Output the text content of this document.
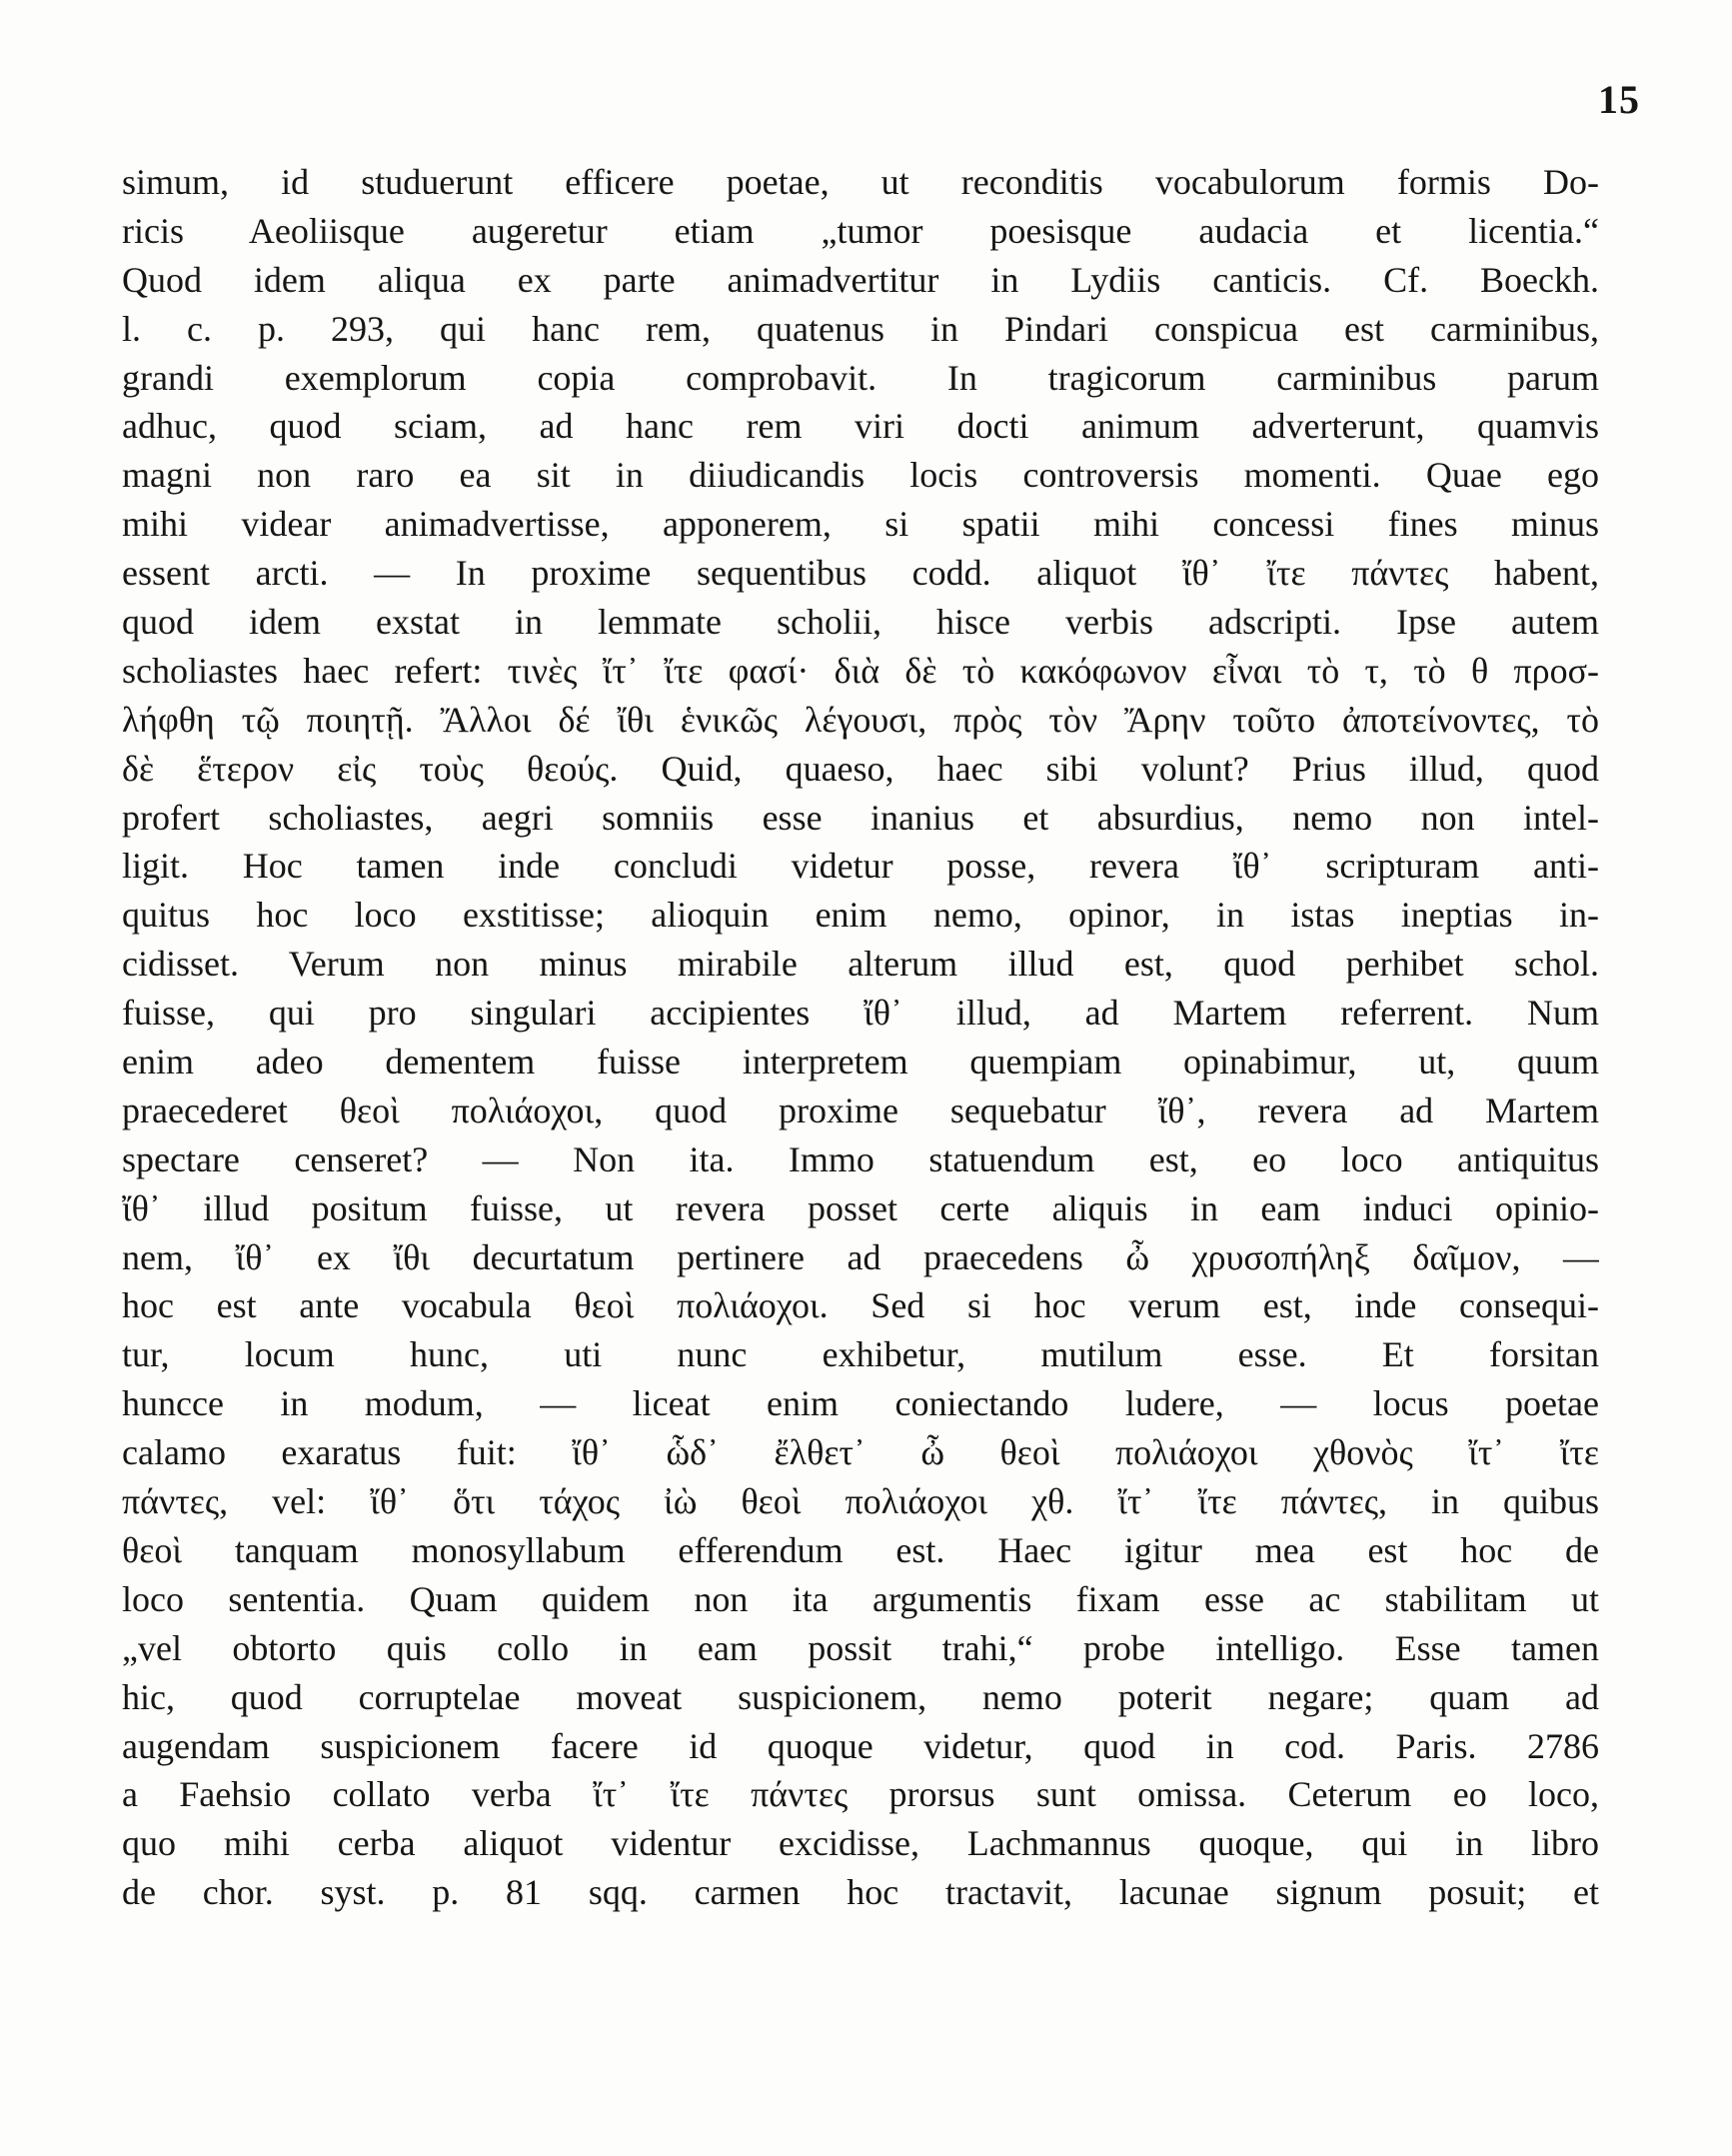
15
simum, id studuerunt efficere poetae, ut reconditis vocabulorum formis Do-
ricis Aeoliisque augeretur etiam „tumor poesisque audacia et licentia.“
Quod idem aliqua ex parte animadvertitur in Lydiis canticis. Cf. Boeckh.
l. c. p. 293, qui hanc rem, quatenus in Pindari conspicua est carminibus,
grandi exemplorum copia comprobavit. In tragicorum carminibus parum
adhuc, quod sciam, ad hanc rem viri docti animum adverterunt, quamvis
magni non raro ea sit in diiudicandis locis controversis momenti. Quae ego
mihi videar animadvertisse, apponerem, si spatii mihi concessi fines minus
essent arcti. — In proxime sequentibus codd. aliquot ἴθ᾽ ἴτε πάντες habent,
quod idem exstat in lemmate scholii, hisce verbis adscripti. Ipse autem
scholiastes haec refert: τινὲς ἴτ᾽ ἴτε φασί· διὰ δὲ τὸ κακόφωνον εἶναι τὸ τ, τὸ θ προσ-
λήφθη τῷ ποιητῇ. Ἄλλοι δέ ἴθι ἑνικῶς λέγουσι, πρὸς τὸν Ἄρην τοῦτο ἀποτείνοντες, τὸ
δὲ ἕτερον εἰς τοὺς θεούς. Quid, quaeso, haec sibi volunt? Prius illud, quod
profert scholiastes, aegri somniis esse inanius et absurdius, nemo non intel-
ligit. Hoc tamen inde concludi videtur posse, revera ἴθ᾽ scripturam anti-
quitus hoc loco exstitisse; alioquin enim nemo, opinor, in istas ineptias in-
cidisset. Verum non minus mirabile alterum illud est, quod perhibet schol.
fuisse, qui pro singulari accipientes ἴθ᾽ illud, ad Martem referrent. Num
enim adeo dementem fuisse interpretem quempiam opinabimur, ut, quum
praecederet θεοὶ πολιάοχοι, quod proxime sequebatur ἴθ᾽, revera ad Martem
spectare censeret? — Non ita. Immo statuendum est, eo loco antiquitus
ἴθ᾽ illud positum fuisse, ut revera posset certe aliquis in eam induci opinio-
nem, ἴθ᾽ ex ἴθι decurtatum pertinere ad praecedens ὦ χρυσοπήληξ δαῖμον, —
hoc est ante vocabula θεοὶ πολιάοχοι. Sed si hoc verum est, inde consequi-
tur, locum hunc, uti nunc exhibetur, mutilum esse. Et forsitan
huncce in modum, — liceat enim coniectando ludere, — locus poetae
calamo exaratus fuit: ἴθ᾽ ὧδ᾽ ἔλθετ᾽ ὦ θεοὶ πολιάοχοι χθονὸς ἴτ᾽ ἴτε
πάντες, vel: ἴθ᾽ ὅτι τάχος ἰὼ θεοὶ πολιάοχοι χθ. ἴτ᾽ ἴτε πάντες, in quibus
θεοὶ tanquam monosyllabum efferendum est. Haec igitur mea est hoc de
loco sententia. Quam quidem non ita argumentis fixam esse ac stabilitam ut
„vel obtorto quis collo in eam possit trahi,“ probe intelligo. Esse tamen
hic, quod corruptelae moveat suspicionem, nemo poterit negare; quam ad
augendam suspicionem facere id quoque videtur, quod in cod. Paris. 2786
a Faehsio collato verba ἴτ᾽ ἴτε πάντες prorsus sunt omissa. Ceterum eo loco,
quo mihi cerba aliquot videntur excidisse, Lachmannus quoque, qui in libro
de chor. syst. p. 81 sqq. carmen hoc tractavit, lacunae signum posuit; et
